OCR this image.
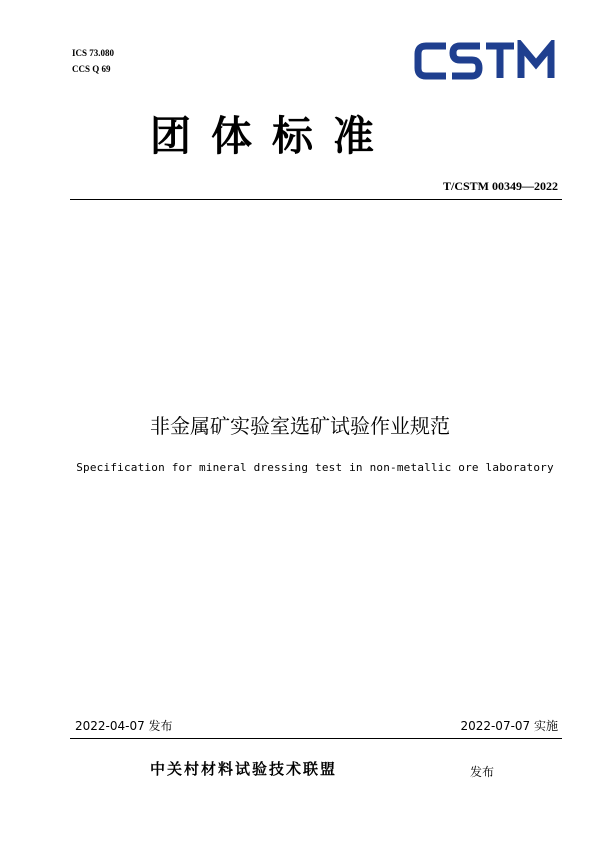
ICS 73.080
CCS Q 69
团体标准
T/CSTM 00349—2022
非金属矿实验室选矿试验作业规范
Specification for mineral dressing test in non-metallic ore laboratory
2022-04-07 发布	2022-07-07 实施
中关村材料试验技术联盟	发布
